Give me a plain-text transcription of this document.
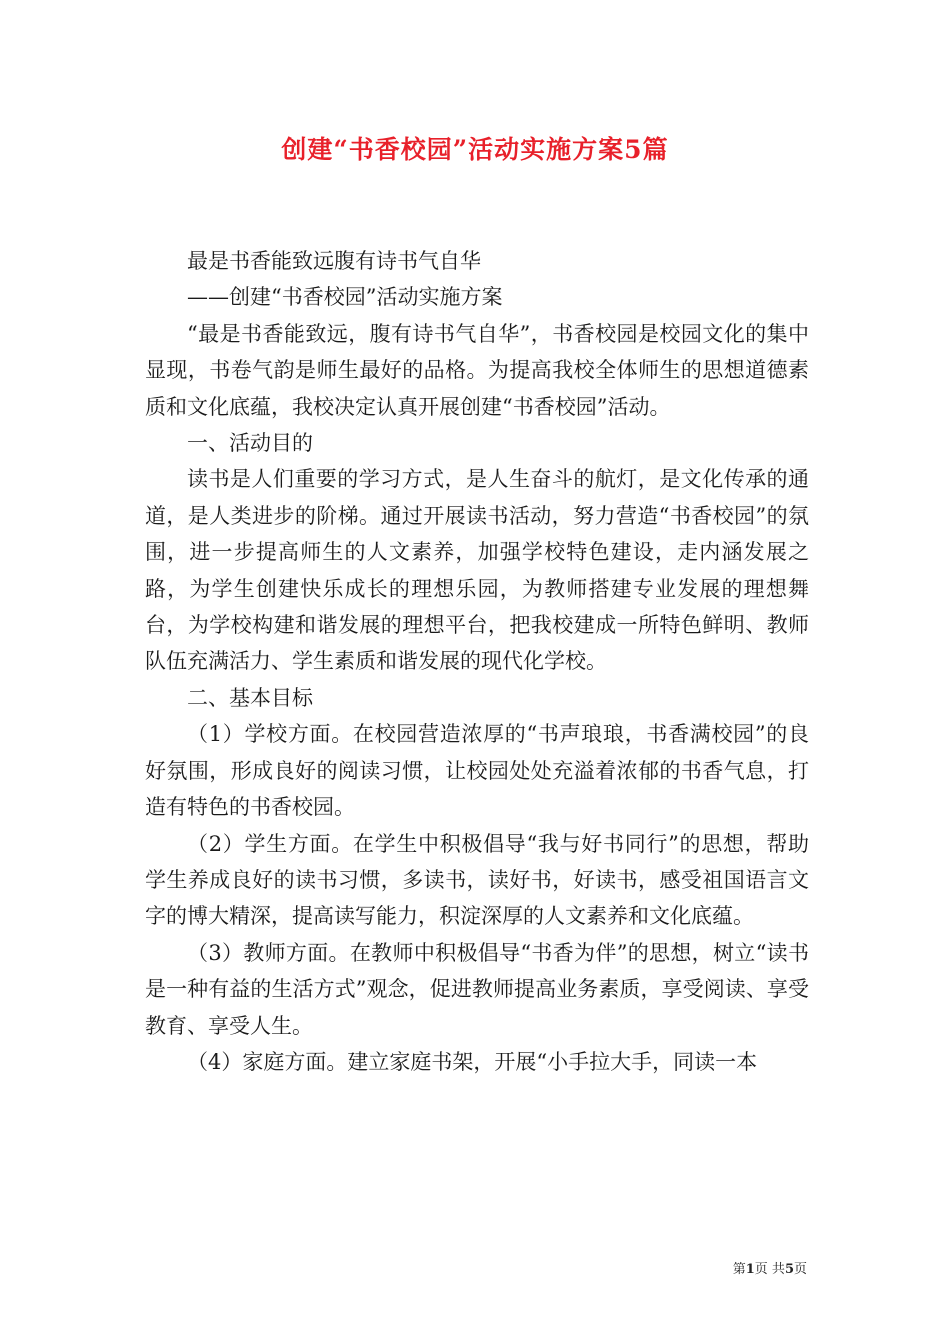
创建“书香校园”活动实施方案5篇

最是书香能致远腹有诗书气自华

——创建“书香校园”活动实施方案

“最是书香能致远，腹有诗书气自华”，书香校园是校园文化的集中显现，书卷气韵是师生最好的品格。为提高我校全体师生的思想道德素质和文化底蕴，我校决定认真开展创建“书香校园”活动。

一、活动目的

读书是人们重要的学习方式，是人生奋斗的航灯，是文化传承的通道，是人类进步的阶梯。通过开展读书活动，努力营造“书香校园”的氛围，进一步提高师生的人文素养，加强学校特色建设，走内涵发展之路，为学生创建快乐成长的理想乐园，为教师搭建专业发展的理想舞台，为学校构建和谐发展的理想平台，把我校建成一所特色鲜明、教师队伍充满活力、学生素质和谐发展的现代化学校。

二、基本目标

（1）学校方面。在校园营造浓厚的“书声琅琅，书香满校园”的良好氛围，形成良好的阅读习惯，让校园处处充溢着浓郁的书香气息，打造有特色的书香校园。

（2）学生方面。在学生中积极倡导“我与好书同行”的思想，帮助学生养成良好的读书习惯，多读书，读好书，好读书，感受祖国语言文字的博大精深，提高读写能力，积淀深厚的人文素养和文化底蕴。

（3）教师方面。在教师中积极倡导“书香为伴”的思想，树立“读书是一种有益的生活方式”观念，促进教师提高业务素质，享受阅读、享受教育、享受人生。

（4）家庭方面。建立家庭书架，开展“小手拉大手，同读一本

第1页 共5页
